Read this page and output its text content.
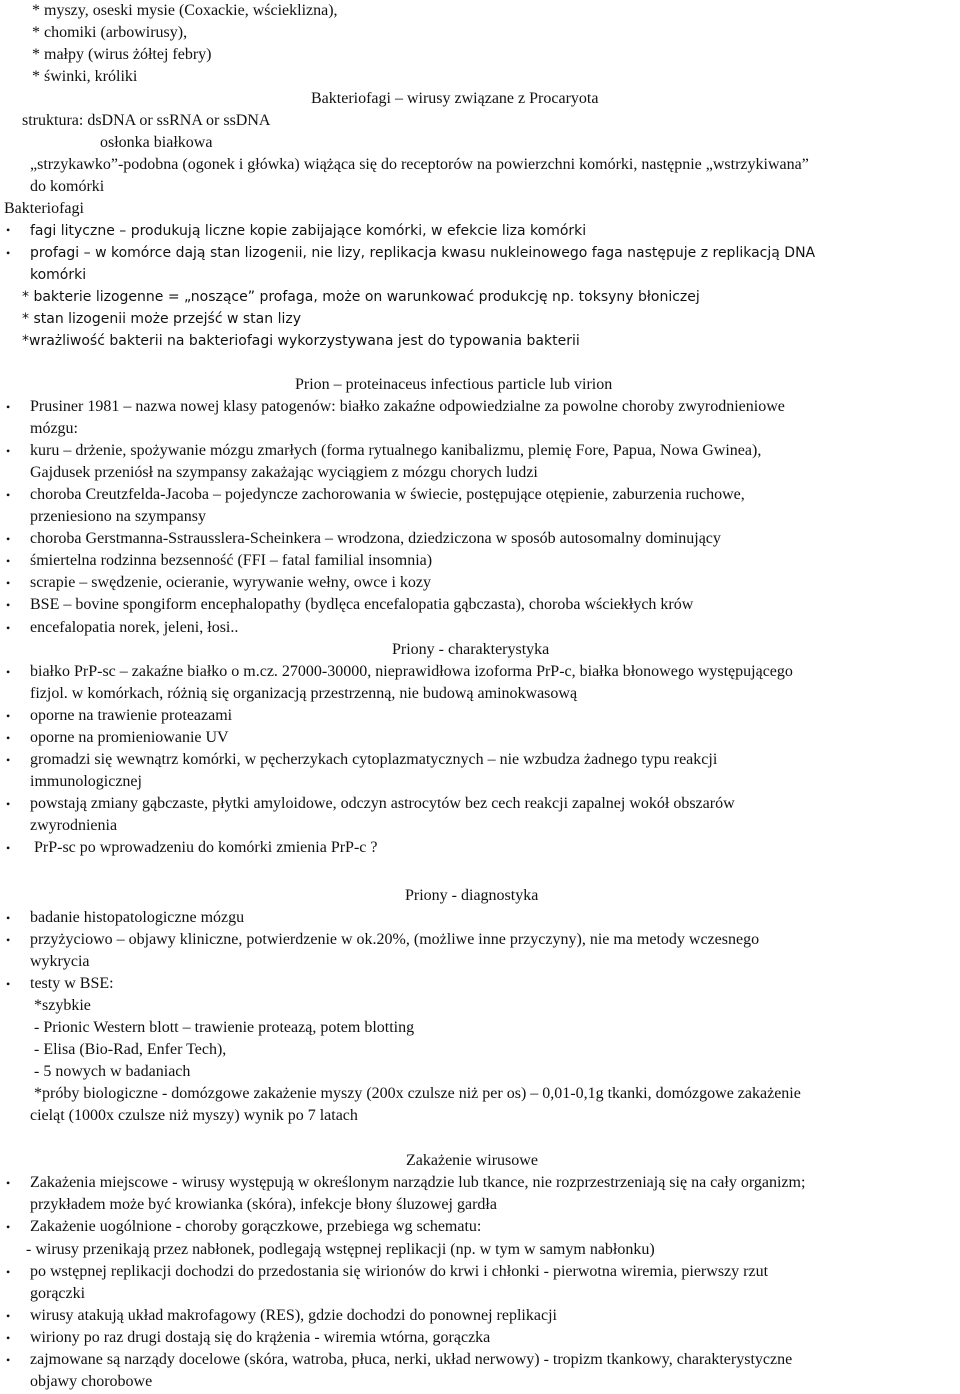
•
•
•
•
•
•
•
•
•
•
•
•
•
•
•
•
•
•
•
•
•
•
•
•
•
* myszy, oseski mysie (Coxackie, wściekliznа),
* chomiki (arbowirusy),
* małpy (wirus żółtej febry)
* świnki, króliki
Bakteriofagi – wirusy związane z Procaryota
struktura: dsDNA or ssRNA or ssDNA
osłonka białkowa
„strzykawko”-podobna (ogonek i główka) wiążąca się do receptorów na powierzchni komórki, następnie „wstrzykiwana”
do komórki
Bakteriofagi
fagi lityczne – produkują liczne kopie zabijające komórki, w efekcie liza komórki
profagi – w komórce dają stan lizogenii, nie lizy, replikacja kwasu nukleinowego faga następuje z replikacją DNA
komórki
* bakterie lizogenne = „noszące” profaga, może on warunkować produkcję np. toksyny błoniczej
* stan lizogenii może przejść w stan lizy
*wrażliwość bakterii na bakteriofagi wykorzystywana jest do typowania bakterii
Prion – proteinaceus infectious particle lub virion
Prusiner 1981 – nazwa nowej klasy patogenów: białko zakaźne odpowiedzialne za powolne choroby zwyrodnieniowe
mózgu:
kuru – drżenie, spożywanie mózgu zmarłych (forma rytualnego kanibalizmu, plemię Fore, Papua, Nowa Gwinea),
Gajdusek przeniósł na szympansy zakażając wyciągiem z mózgu chorych ludzi
choroba Creutzfelda-Jacoba – pojedyncze zachorowania w świecie, postępujące otępienie, zaburzenia ruchowe,
przeniesiono na szympansy
choroba Gerstmanna-Sstrausslera-Scheinkera – wrodzona, dziedziczona w sposób autosomalny dominujący
śmiertelna rodzinna bezsenność (FFI – fatal familial insomnia)
scrapie – swędzenie, ocieranie, wyrywanie wełny, owce i kozy
BSE – bovine spongiform encephalopathy (bydlęca encefalopatia gąbczasta), choroba wściekłych krów
encefalopatia norek, jeleni, łosi..
Priony - charakterystyka
białko PrP-sc – zakaźne białko o m.cz. 27000-30000, nieprawidłowa izoforma PrP-c, białka błonowego występującego
fizjol. w komórkach, różnią się organizacją przestrzenną, nie budową aminokwasową
oporne na trawienie proteazami
oporne na promieniowanie UV
gromadzi się wewnątrz komórki, w pęcherzykach cytoplazmatycznych – nie wzbudza żadnego typu reakcji
immunologicznej
powstają zmiany gąbczaste, płytki amyloidowe, odczyn astrocytów bez cech reakcji zapalnej wokół obszarów
zwyrodnienia
PrP-sc po wprowadzeniu do komórki zmienia PrP-c ?
Priony - diagnostyka
badanie histopatologiczne mózgu
przyżyciowo – objawy kliniczne, potwierdzenie w ok.20%, (możliwe inne przyczyny), nie ma metody wczesnego
wykrycia
testy w BSE:
*szybkie
- Prionic Western blott – trawienie proteazą, potem blotting
- Elisa (Bio-Rad, Enfer Tech),
- 5 nowych w badaniach
*próby biologiczne - domózgowe zakażenie myszy (200x czulsze niż per os) – 0,01-0,1g tkanki, domózgowe zakażenie
cieląt (1000x czulsze niż myszy) wynik po 7 latach
Zakażenie wirusowe
Zakażenia miejscowe - wirusy występują w określonym narządzie lub tkance, nie rozprzestrzeniają się na cały organizm;
przykładem może być krowianka (skóra), infekcje błony śluzowej gardła
Zakażenie uogólnione - choroby gorączkowe, przebiega wg schematu:
- wirusy przenikają przez nabłonek, podlegają wstępnej replikacji (np. w tym w samym nabłonku)
po wstępnej replikacji dochodzi do przedostania się wirionów do krwi i chłonki - pierwotna wiremia, pierwszy rzut
gorączki
wirusy atakują układ makrofagowy (RES), gdzie dochodzi do ponownej replikacji
wiriony po raz drugi dostają się do krążenia - wiremia wtórna, gorączka
zajmowane są narządy docelowe (skóra, watroba, płuca, nerki, układ nerwowy) - tropizm tkankowy, charakterystyczne
objawy chorobowe
